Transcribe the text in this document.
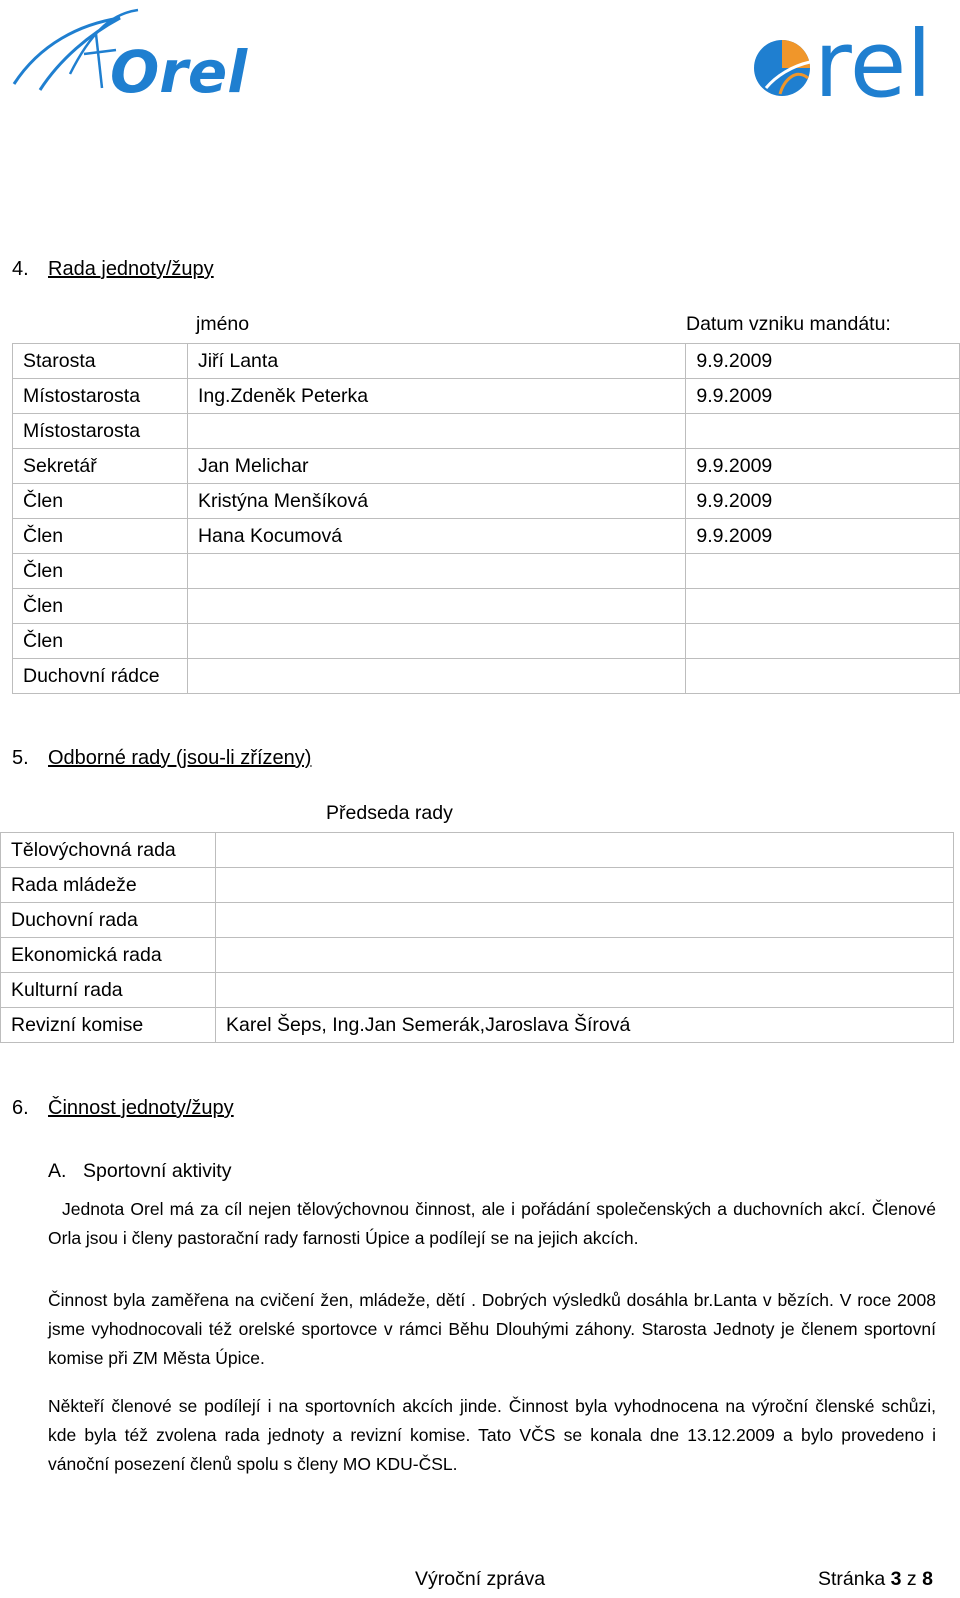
Orel	rel
4. Rada jednoty/župy
jméno	Datum vzniku mandátu:
Starosta	Jiří Lanta	9.9.2009
Místostarosta	Ing.Zdeněk Peterka	9.9.2009
Místostarosta		
Sekretář	Jan Melichar	9.9.2009
Člen	Kristýna Menšíková	9.9.2009
Člen	Hana Kocumová	9.9.2009
Člen		
Člen		
Člen		
Duchovní rádce		
5. Odborné rady (jsou-li zřízeny)
Předseda rady
Tělovýchovná rada	
Rada mládeže	
Duchovní rada	
Ekonomická rada	
Kulturní rada	
Revizní komise	Karel Šeps, Ing.Jan Semerák,Jaroslava Šírová
6. Činnost jednoty/župy
A. Sportovní aktivity

Jednota Orel má za cíl nejen tělovýchovnou činnost, ale i pořádání společenských a duchovních akcí. Členové Orla jsou i členy pastorační rady farnosti Úpice a podílejí se na jejich akcích.

Činnost byla zaměřena na cvičení žen, mládeže, dětí . Dobrých výsledků dosáhla br.Lanta v bězích. V roce 2008 jsme vyhodnocovali též orelské sportovce v rámci Běhu Dlouhými záhony. Starosta Jednoty je členem sportovní komise při ZM Města Úpice.

Někteří členové se podílejí i na sportovních akcích jinde. Činnost byla vyhodnocena na výroční členské schůzi, kde byla též zvolena rada jednoty a revizní komise. Tato VČS se konala dne 13.12.2009 a bylo provedeno i vánoční posezení členů spolu s členy MO KDU-ČSL.

Výroční zpráva	Stránka 3 z 8
